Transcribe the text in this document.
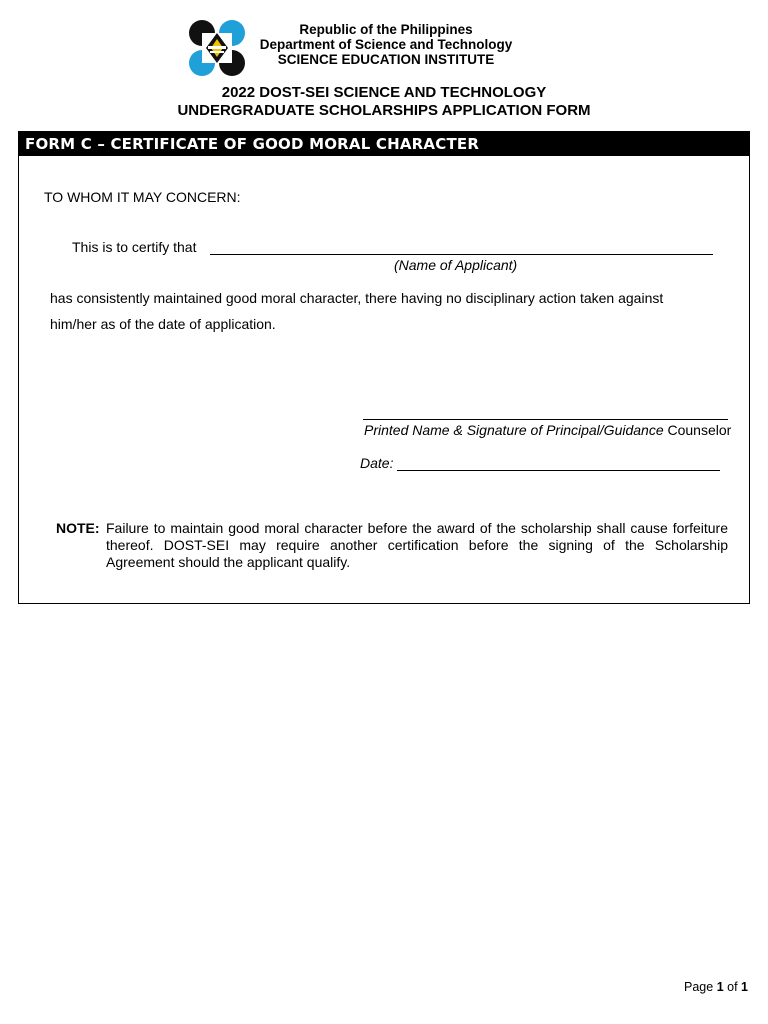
Republic of the Philippines
Department of Science and Technology
SCIENCE EDUCATION INSTITUTE
2022 DOST-SEI SCIENCE AND TECHNOLOGY
UNDERGRADUATE SCHOLARSHIPS APPLICATION FORM
FORM C – CERTIFICATE OF GOOD MORAL CHARACTER
TO WHOM IT MAY CONCERN:
This is to certify that
(Name of Applicant)
has consistently maintained good moral character, there having no disciplinary action taken against
him/her as of the date of application.
Printed Name & Signature of Principal/Guidance Counselor
Date:
NOTE: Failure to maintain good moral character before the award of the scholarship shall cause forfeiture thereof. DOST-SEI may require another certification before the signing of the Scholarship Agreement should the applicant qualify.
Page 1 of 1
